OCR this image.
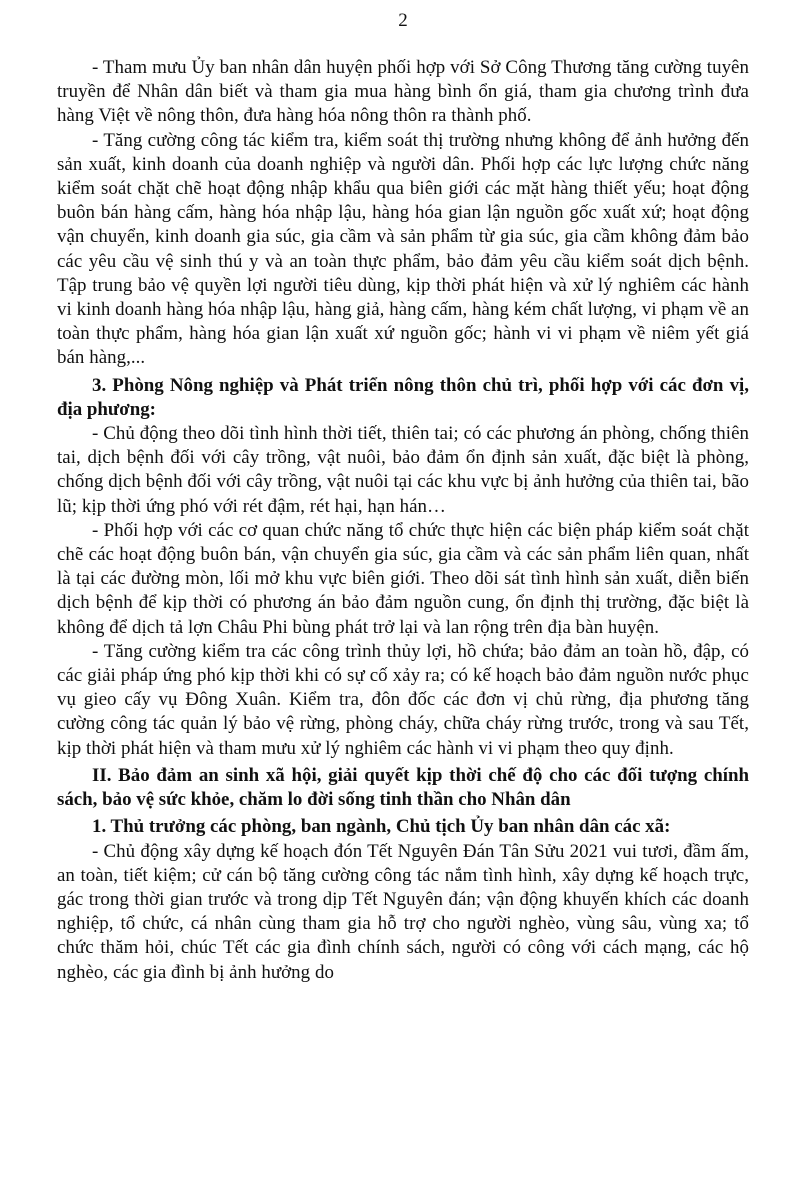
2

- Tham mưu Ủy ban nhân dân huyện phối hợp với Sở Công Thương tăng cường tuyên truyền để Nhân dân biết và tham gia mua hàng bình ổn giá, tham gia chương trình đưa hàng Việt về nông thôn, đưa hàng hóa nông thôn ra thành phố.

- Tăng cường công tác kiểm tra, kiểm soát thị trường nhưng không để ảnh hưởng đến sản xuất, kinh doanh của doanh nghiệp và người dân. Phối hợp các lực lượng chức năng kiểm soát chặt chẽ hoạt động nhập khẩu qua biên giới các mặt hàng thiết yếu; hoạt động buôn bán hàng cấm, hàng hóa nhập lậu, hàng hóa gian lận nguồn gốc xuất xứ; hoạt động vận chuyển, kinh doanh gia súc, gia cầm và sản phẩm từ gia súc, gia cầm không đảm bảo các yêu cầu vệ sinh thú y và an toàn thực phẩm, bảo đảm yêu cầu kiểm soát dịch bệnh. Tập trung bảo vệ quyền lợi người tiêu dùng, kịp thời phát hiện và xử lý nghiêm các hành vi kinh doanh hàng hóa nhập lậu, hàng giả, hàng cấm, hàng kém chất lượng, vi phạm về an toàn thực phẩm, hàng hóa gian lận xuất xứ nguồn gốc; hành vi vi phạm về niêm yết giá bán hàng,...

3. Phòng Nông nghiệp và Phát triển nông thôn chủ trì, phối hợp với các đơn vị, địa phương:

- Chủ động theo dõi tình hình thời tiết, thiên tai; có các phương án phòng, chống thiên tai, dịch bệnh đối với cây trồng, vật nuôi, bảo đảm ổn định sản xuất, đặc biệt là phòng, chống dịch bệnh đối với cây trồng, vật nuôi tại các khu vực bị ảnh hưởng của thiên tai, bão lũ; kịp thời ứng phó với rét đậm, rét hại, hạn hán…

- Phối hợp với các cơ quan chức năng tổ chức thực hiện các biện pháp kiểm soát chặt chẽ các hoạt động buôn bán, vận chuyển gia súc, gia cầm và các sản phẩm liên quan, nhất là tại các đường mòn, lối mở khu vực biên giới. Theo dõi sát tình hình sản xuất, diễn biến dịch bệnh để kịp thời có phương án bảo đảm nguồn cung, ổn định thị trường, đặc biệt là không để dịch tả lợn Châu Phi bùng phát trở lại và lan rộng trên địa bàn huyện.

- Tăng cường kiểm tra các công trình thủy lợi, hồ chứa; bảo đảm an toàn hồ, đập, có các giải pháp ứng phó kịp thời khi có sự cố xảy ra; có kế hoạch bảo đảm nguồn nước phục vụ gieo cấy vụ Đông Xuân. Kiểm tra, đôn đốc các đơn vị chủ rừng, địa phương tăng cường công tác quản lý bảo vệ rừng, phòng cháy, chữa cháy rừng trước, trong và sau Tết, kịp thời phát hiện và tham mưu xử lý nghiêm các hành vi vi phạm theo quy định.

II. Bảo đảm an sinh xã hội, giải quyết kịp thời chế độ cho các đối tượng chính sách, bảo vệ sức khỏe, chăm lo đời sống tinh thần cho Nhân dân

1. Thủ trưởng các phòng, ban ngành, Chủ tịch Ủy ban nhân dân các xã:

- Chủ động xây dựng kế hoạch đón Tết Nguyên Đán Tân Sửu 2021 vui tươi, đầm ấm, an toàn, tiết kiệm; cử cán bộ tăng cường công tác nắm tình hình, xây dựng kế hoạch trực, gác trong thời gian trước và trong dịp Tết Nguyên đán; vận động khuyến khích các doanh nghiệp, tổ chức, cá nhân cùng tham gia hỗ trợ cho người nghèo, vùng sâu, vùng xa; tổ chức thăm hỏi, chúc Tết các gia đình chính sách, người có công với cách mạng, các hộ nghèo, các gia đình bị ảnh hưởng do
